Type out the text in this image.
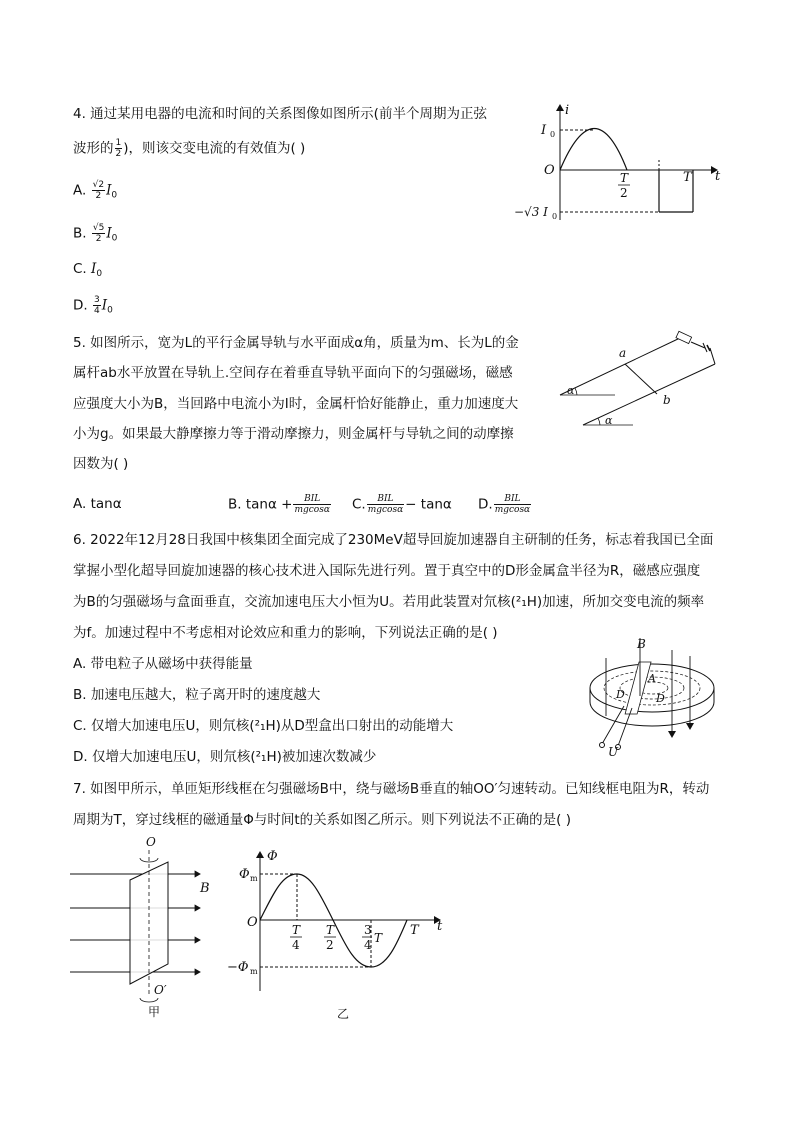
4. 通过某用电器的电流和时间的关系图像如图所示(前半个周期为正弦
波形的 $\frac{1}{2}$ )，则该交变电流的有效值为( )
A. $\frac{√2}{2} I_0$
B. $\frac{√5}{2} I_0$
C. $I_0$
D. $\frac{3}{4} I_0$
i
t
O
I 0
T
2
T
−√3 I 0
5. 如图所示，宽为L的平行金属导轨与水平面成α角，质量为m、长为L的金
属杆ab水平放置在导轨上.空间存在着垂直导轨平面向下的匀强磁场，磁感
应强度大小为B，当回路中电流小为I时，金属杆恰好能静止，重力加速度大
小为g。如果最大静摩擦力等于滑动摩擦力，则金属杆与导轨之间的动摩擦
因数为( )
A. tanα	B. $\tan\alpha + \frac{\text{BIL}}{mgcos\alpha} C$. $\frac{\text{BIL}}{mgcos\alpha} - \tan\alpha$ D. $\frac{\text{BIL}}{mgcos\alpha}$
a
b
α
α
6. 2022年12月28日我国中核集团全面完成了230MeV超导回旋加速器自主研制的任务，标志着我国已全面
掌握小型化超导回旋加速器的核心技术进入国际先进行列。置于真空中的D形金属盒半径为R，磁感应强度
为B的匀强磁场与盒面垂直，交流加速电压大小恒为U。若用此装置对氘核(²₁H)加速，所加交变电流的频率
为f。加速过程中不考虑相对论效应和重力的影响，下列说法正确的是( )
A. 带电粒子从磁场中获得能量
B. 加速电压越大，粒子离开时的速度越大
C. 仅增大加速电压U，则氘核(²₁H)从D型盒出口射出的动能增大
D. 仅增大加速电压U，则氘核(²₁H)被加速次数减少
B
A
D	D
U
7. 如图甲所示，单匝矩形线框在匀强磁场B中，绕与磁场B垂直的轴OO′匀速转动。已知线框电阻为R，转动
周期为T，穿过线框的磁通量Φ与时间t的关系如图乙所示。则下列说法不正确的是( )
O
O′
B
甲
Φ
Φ m
O	t
−Φ m
T
4
T
2
3
4 T T
乙
